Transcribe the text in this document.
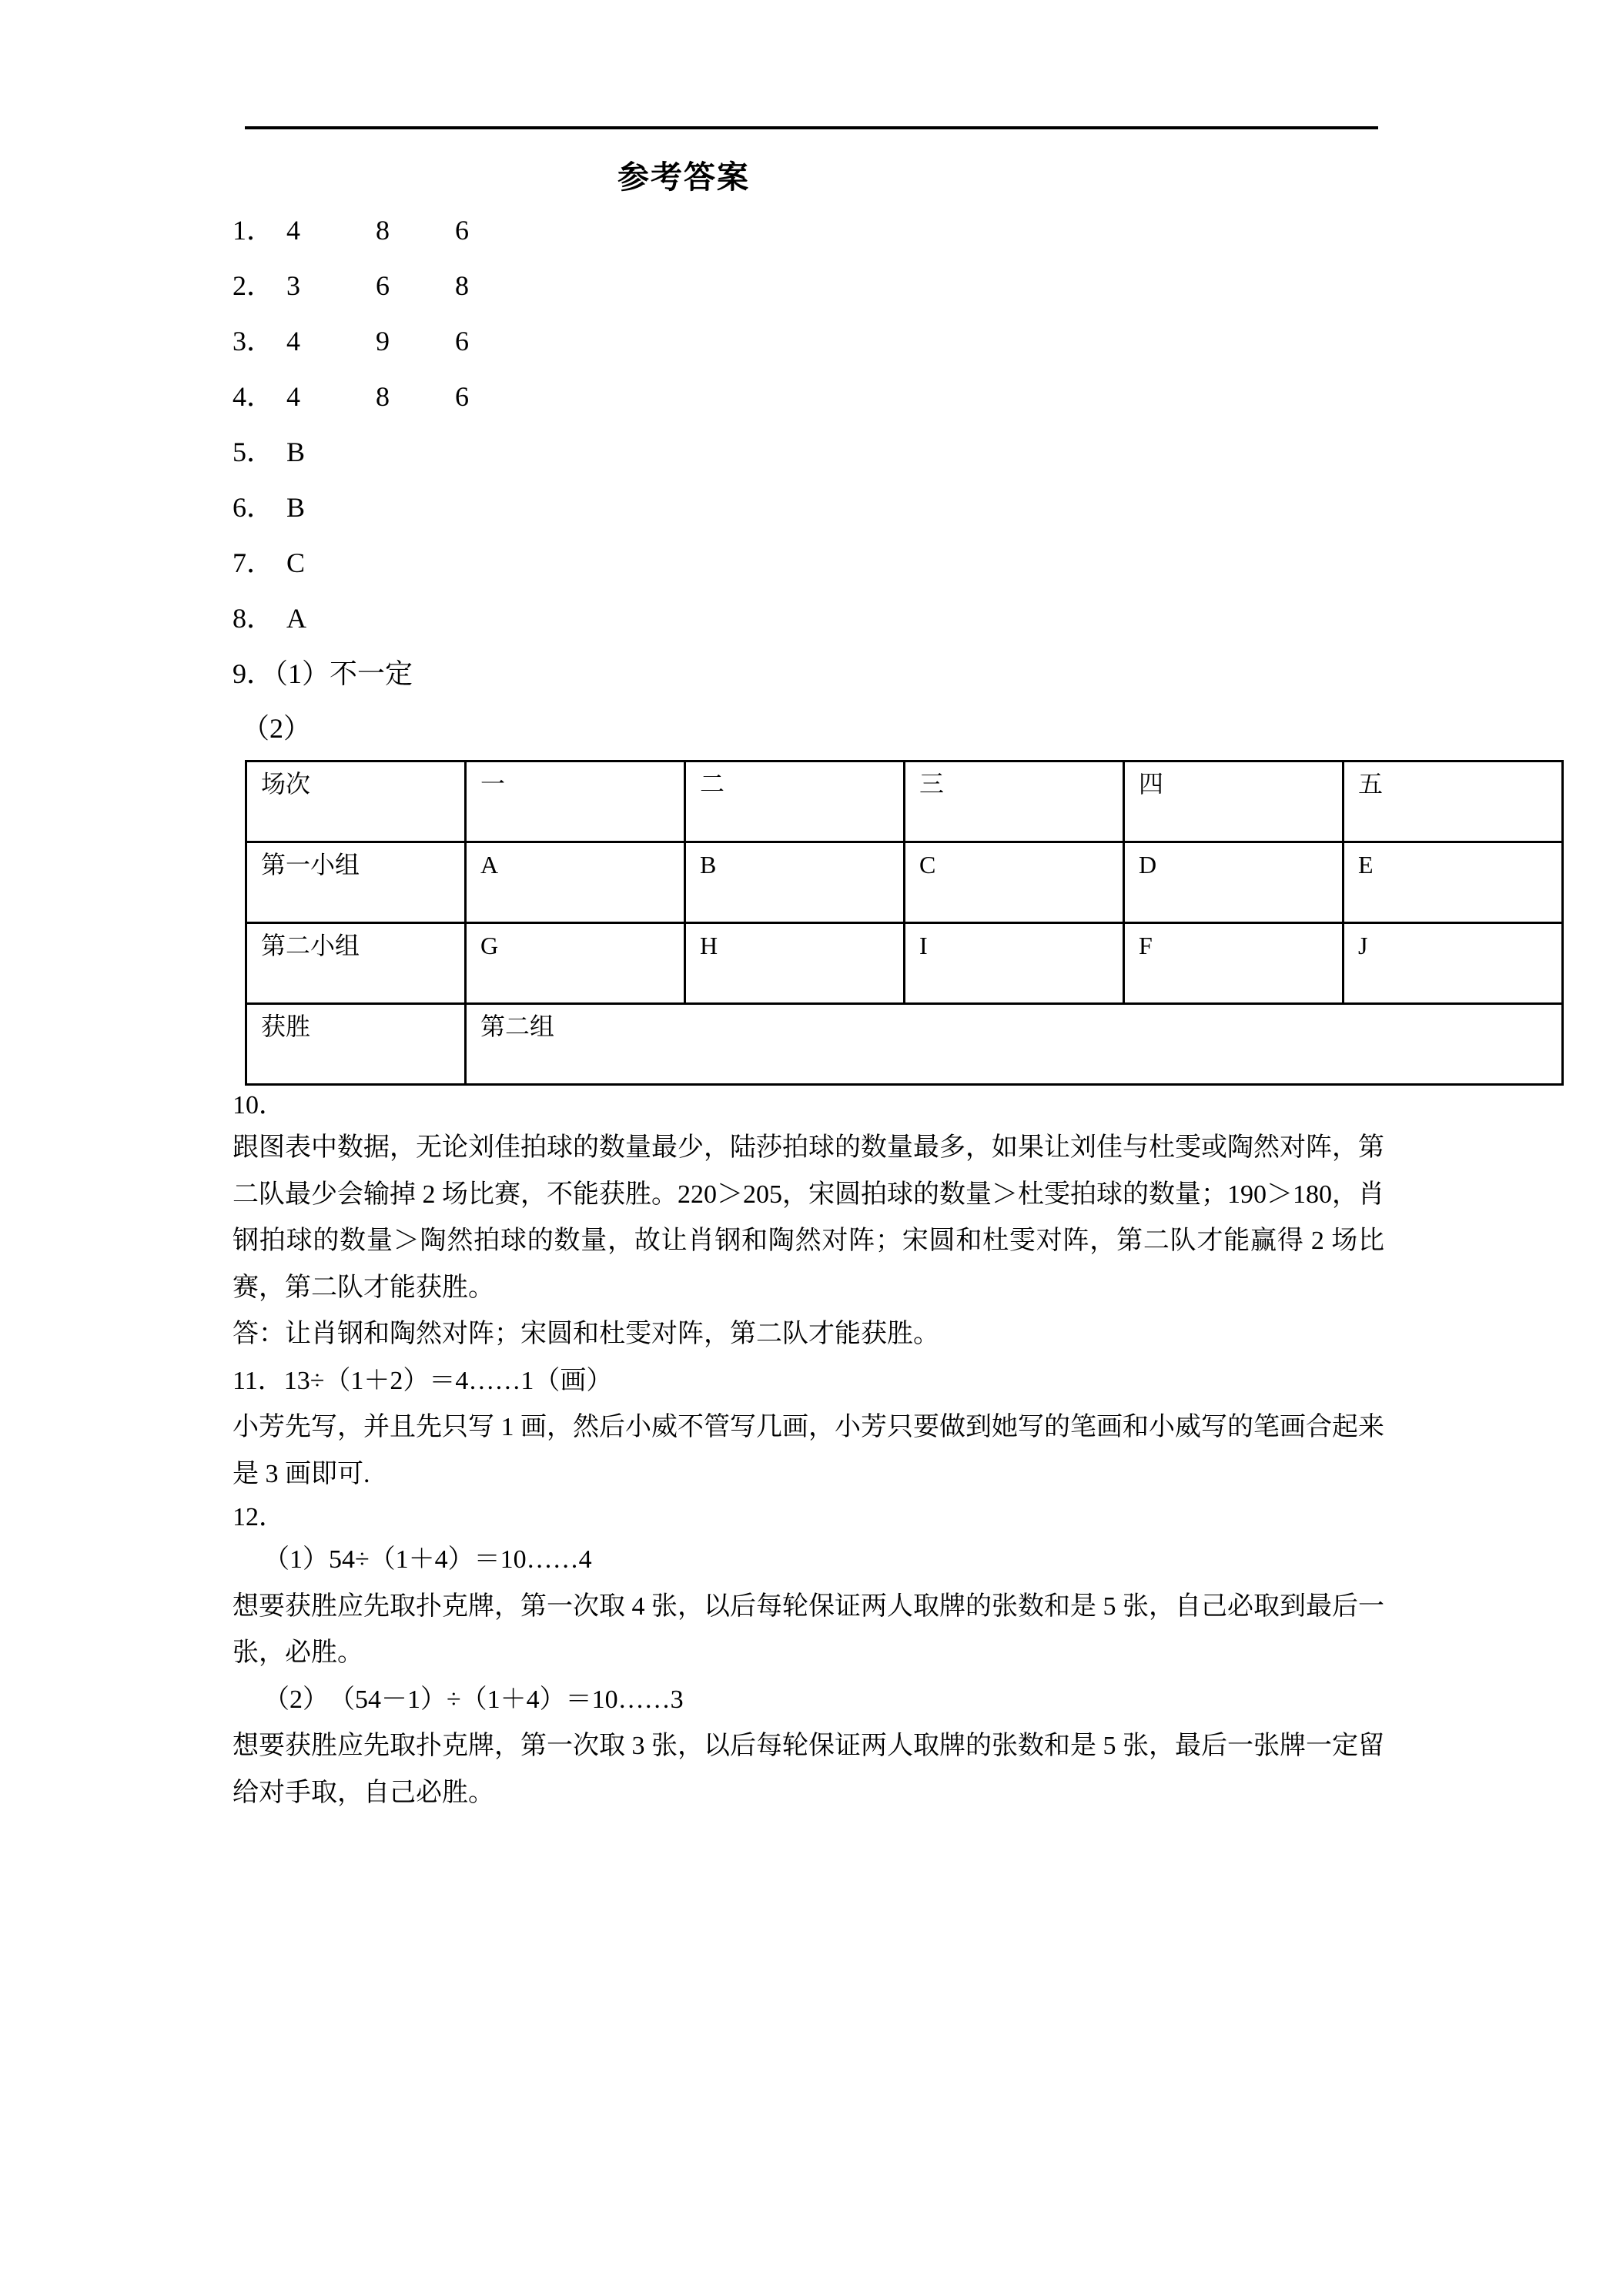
参考答案
1． 4	8	6
2． 3	6	8
3． 4	9	6
4． 4	8	6
5． B
6． B
7． C
8． A
9．（1）不一定
（2）
场次	一	二	三	四	五
第一小组	A	B	C	D	E
第二小组	G	H	I	F	J
获胜	第二组				
10．
跟图表中数据，无论刘佳拍球的数量最少，陆莎拍球的数量最多，如果让刘佳与杜雯或陶然对阵，第二队最少会输掉 2 场比赛，不能获胜。220＞205，宋圆拍球的数量＞杜雯拍球的数量；190＞180，肖钢拍球的数量＞陶然拍球的数量，故让肖钢和陶然对阵；宋圆和杜雯对阵，第二队才能赢得 2 场比赛，第二队才能获胜。
答：让肖钢和陶然对阵；宋圆和杜雯对阵，第二队才能获胜。
11．13÷（1＋2）＝4……1（画）
小芳先写，并且先只写 1 画，然后小威不管写几画，小芳只要做到她写的笔画和小威写的笔画合起来是 3 画即可.
12．
（1）54÷（1＋4）＝10……4
想要获胜应先取扑克牌，第一次取 4 张，以后每轮保证两人取牌的张数和是 5 张，自己必取到最后一张，必胜。
（2）　（54－1）÷（1＋4）＝10……3
想要获胜应先取扑克牌，第一次取 3 张，以后每轮保证两人取牌的张数和是 5 张，最后一张牌一定留给对手取，自己必胜。
